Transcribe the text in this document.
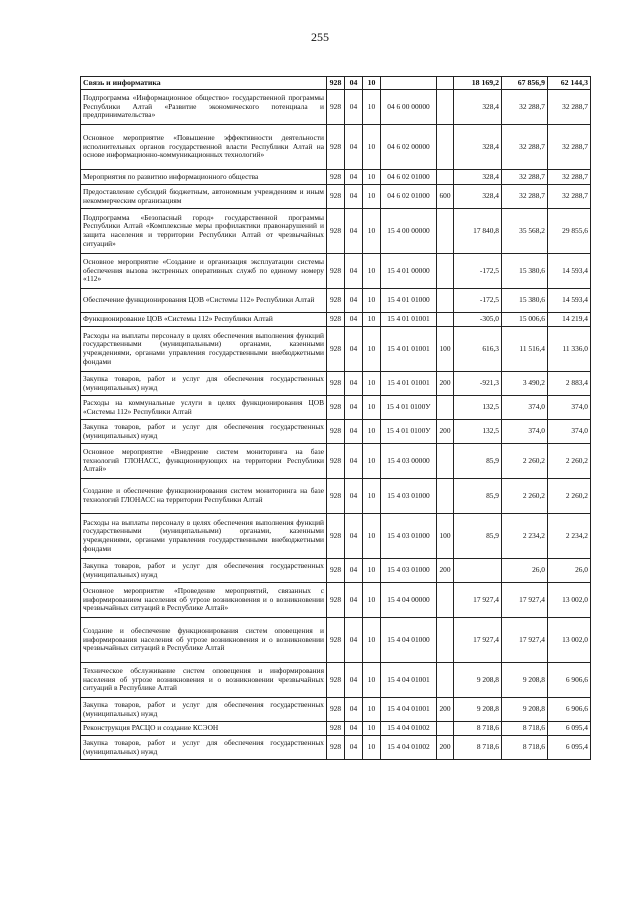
255
Связь и информатика	928	04	10			18 169,2	67 856,9	62 144,3
Подпрограмма «Информационное общество» государственной программы Республики Алтай «Развитие экономического потенциала и предпринимательства»	928	04	10	04 6 00 00000		328,4	32 288,7	32 288,7
Основное мероприятие «Повышение эффективности деятельности исполнительных органов государственной власти Республики Алтай на основе информационно-коммуникационных технологий»	928	04	10	04 6 02 00000		328,4	32 288,7	32 288,7
Мероприятия по развитию информационного общества	928	04	10	04 6 02 01000		328,4	32 288,7	32 288,7
Предоставление субсидий бюджетным, автономным учреждениям и иным некоммерческим организациям	928	04	10	04 6 02 01000	600	328,4	32 288,7	32 288,7
Подпрограмма «Безопасный город» государственной программы Республики Алтай «Комплексные меры профилактики правонарушений и защита населения и территории Республики Алтай от чрезвычайных ситуаций»	928	04	10	15 4 00 00000		17 840,8	35 568,2	29 855,6
Основное мероприятие «Создание и организация эксплуатации системы обеспечения вызова экстренных оперативных служб по единому номеру «112»	928	04	10	15 4 01 00000		-172,5	15 380,6	14 593,4
Обеспечение функционирования ЦОВ «Системы 112» Республики Алтай	928	04	10	15 4 01 01000		-172,5	15 380,6	14 593,4
Функционирование ЦОВ «Системы 112» Республики Алтай	928	04	10	15 4 01 01001		-305,0	15 006,6	14 219,4
Расходы на выплаты персоналу в целях обеспечения выполнения функций государственными (муниципальными) органами, казенными учреждениями, органами управления государственными внебюджетными фондами	928	04	10	15 4 01 01001	100	616,3	11 516,4	11 336,0
Закупка товаров, работ и услуг для обеспечения государственных (муниципальных) нужд	928	04	10	15 4 01 01001	200	-921,3	3 490,2	2 883,4
Расходы на коммунальные услуги в целях функционирования ЦОВ «Системы 112» Республики Алтай	928	04	10	15 4 01 0100У		132,5	374,0	374,0
Закупка товаров, работ и услуг для обеспечения государственных (муниципальных) нужд	928	04	10	15 4 01 0100У	200	132,5	374,0	374,0
Основное мероприятие «Внедрение систем мониторинга на базе технологий ГЛОНАСС, функционирующих на территории Республики Алтай»	928	04	10	15 4 03 00000		85,9	2 260,2	2 260,2
Создание и обеспечение функционирования систем мониторинга на базе технологий ГЛОНАСС на территории Республики Алтай	928	04	10	15 4 03 01000		85,9	2 260,2	2 260,2
Расходы на выплаты персоналу в целях обеспечения выполнения функций государственными (муниципальными) органами, казенными учреждениями, органами управления государственными внебюджетными фондами	928	04	10	15 4 03 01000	100	85,9	2 234,2	2 234,2
Закупка товаров, работ и услуг для обеспечения государственных (муниципальных) нужд	928	04	10	15 4 03 01000	200		26,0	26,0
Основное мероприятие «Проведение мероприятий, связанных с информированием населения об угрозе возникновения и о возникновении чрезвычайных ситуаций в Республике Алтай»	928	04	10	15 4 04 00000		17 927,4	17 927,4	13 002,0
Создание и обеспечение функционирования систем оповещения и информирования населения об угрозе возникновения и о возникновении чрезвычайных ситуаций в Республике Алтай	928	04	10	15 4 04 01000		17 927,4	17 927,4	13 002,0
Техническое обслуживание систем оповещения и информирования населения об угрозе возникновения и о возникновении чрезвычайных ситуаций в Республике Алтай	928	04	10	15 4 04 01001		9 208,8	9 208,8	6 906,6
Закупка товаров, работ и услуг для обеспечения государственных (муниципальных) нужд	928	04	10	15 4 04 01001	200	9 208,8	9 208,8	6 906,6
Реконструкция РАСЦО и создание КСЭОН	928	04	10	15 4 04 01002		8 718,6	8 718,6	6 095,4
Закупка товаров, работ и услуг для обеспечения государственных (муниципальных) нужд	928	04	10	15 4 04 01002	200	8 718,6	8 718,6	6 095,4
